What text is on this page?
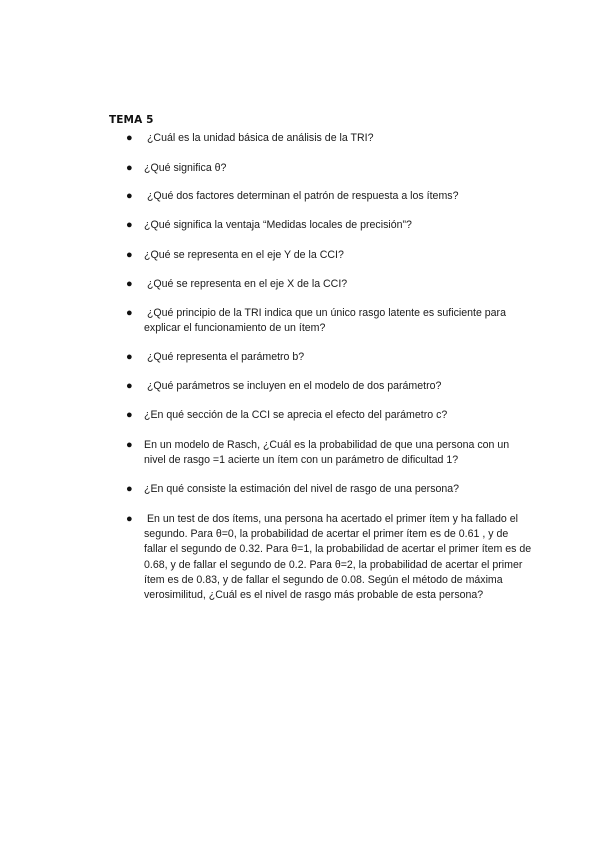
TEMA 5
● ¿Cuál es la unidad básica de análisis de la TRI?
● ¿Qué significa θ?
● ¿Qué dos factores determinan el patrón de respuesta a los ítems?
● ¿Qué significa la ventaja “Medidas locales de precisión”?
● ¿Qué se representa en el eje Y de la CCI?
● ¿Qué se representa en el eje X de la CCI?
● ¿Qué principio de la TRI indica que un único rasgo latente es suficiente para explicar el funcionamiento de un ítem?
● ¿Qué representa el parámetro b?
● ¿Qué parámetros se incluyen en el modelo de dos parámetro?
● ¿En qué sección de la CCI se aprecia el efecto del parámetro c?
● En un modelo de Rasch, ¿Cuál es la probabilidad de que una persona con un nivel de rasgo =1 acierte un ítem con un parámetro de dificultad 1?
● ¿En qué consiste la estimación del nivel de rasgo de una persona?
● En un test de dos ítems, una persona ha acertado el primer ítem y ha fallado el segundo. Para θ=0, la probabilidad de acertar el primer ítem es de 0.61 , y de fallar el segundo de 0.32. Para θ=1, la probabilidad de acertar el primer ítem es de 0.68, y de fallar el segundo de 0.2. Para θ=2, la probabilidad de acertar el primer ítem es de 0.83, y de fallar el segundo de 0.08. Según el método de máxima verosimilitud, ¿Cuál es el nivel de rasgo más probable de esta persona?
